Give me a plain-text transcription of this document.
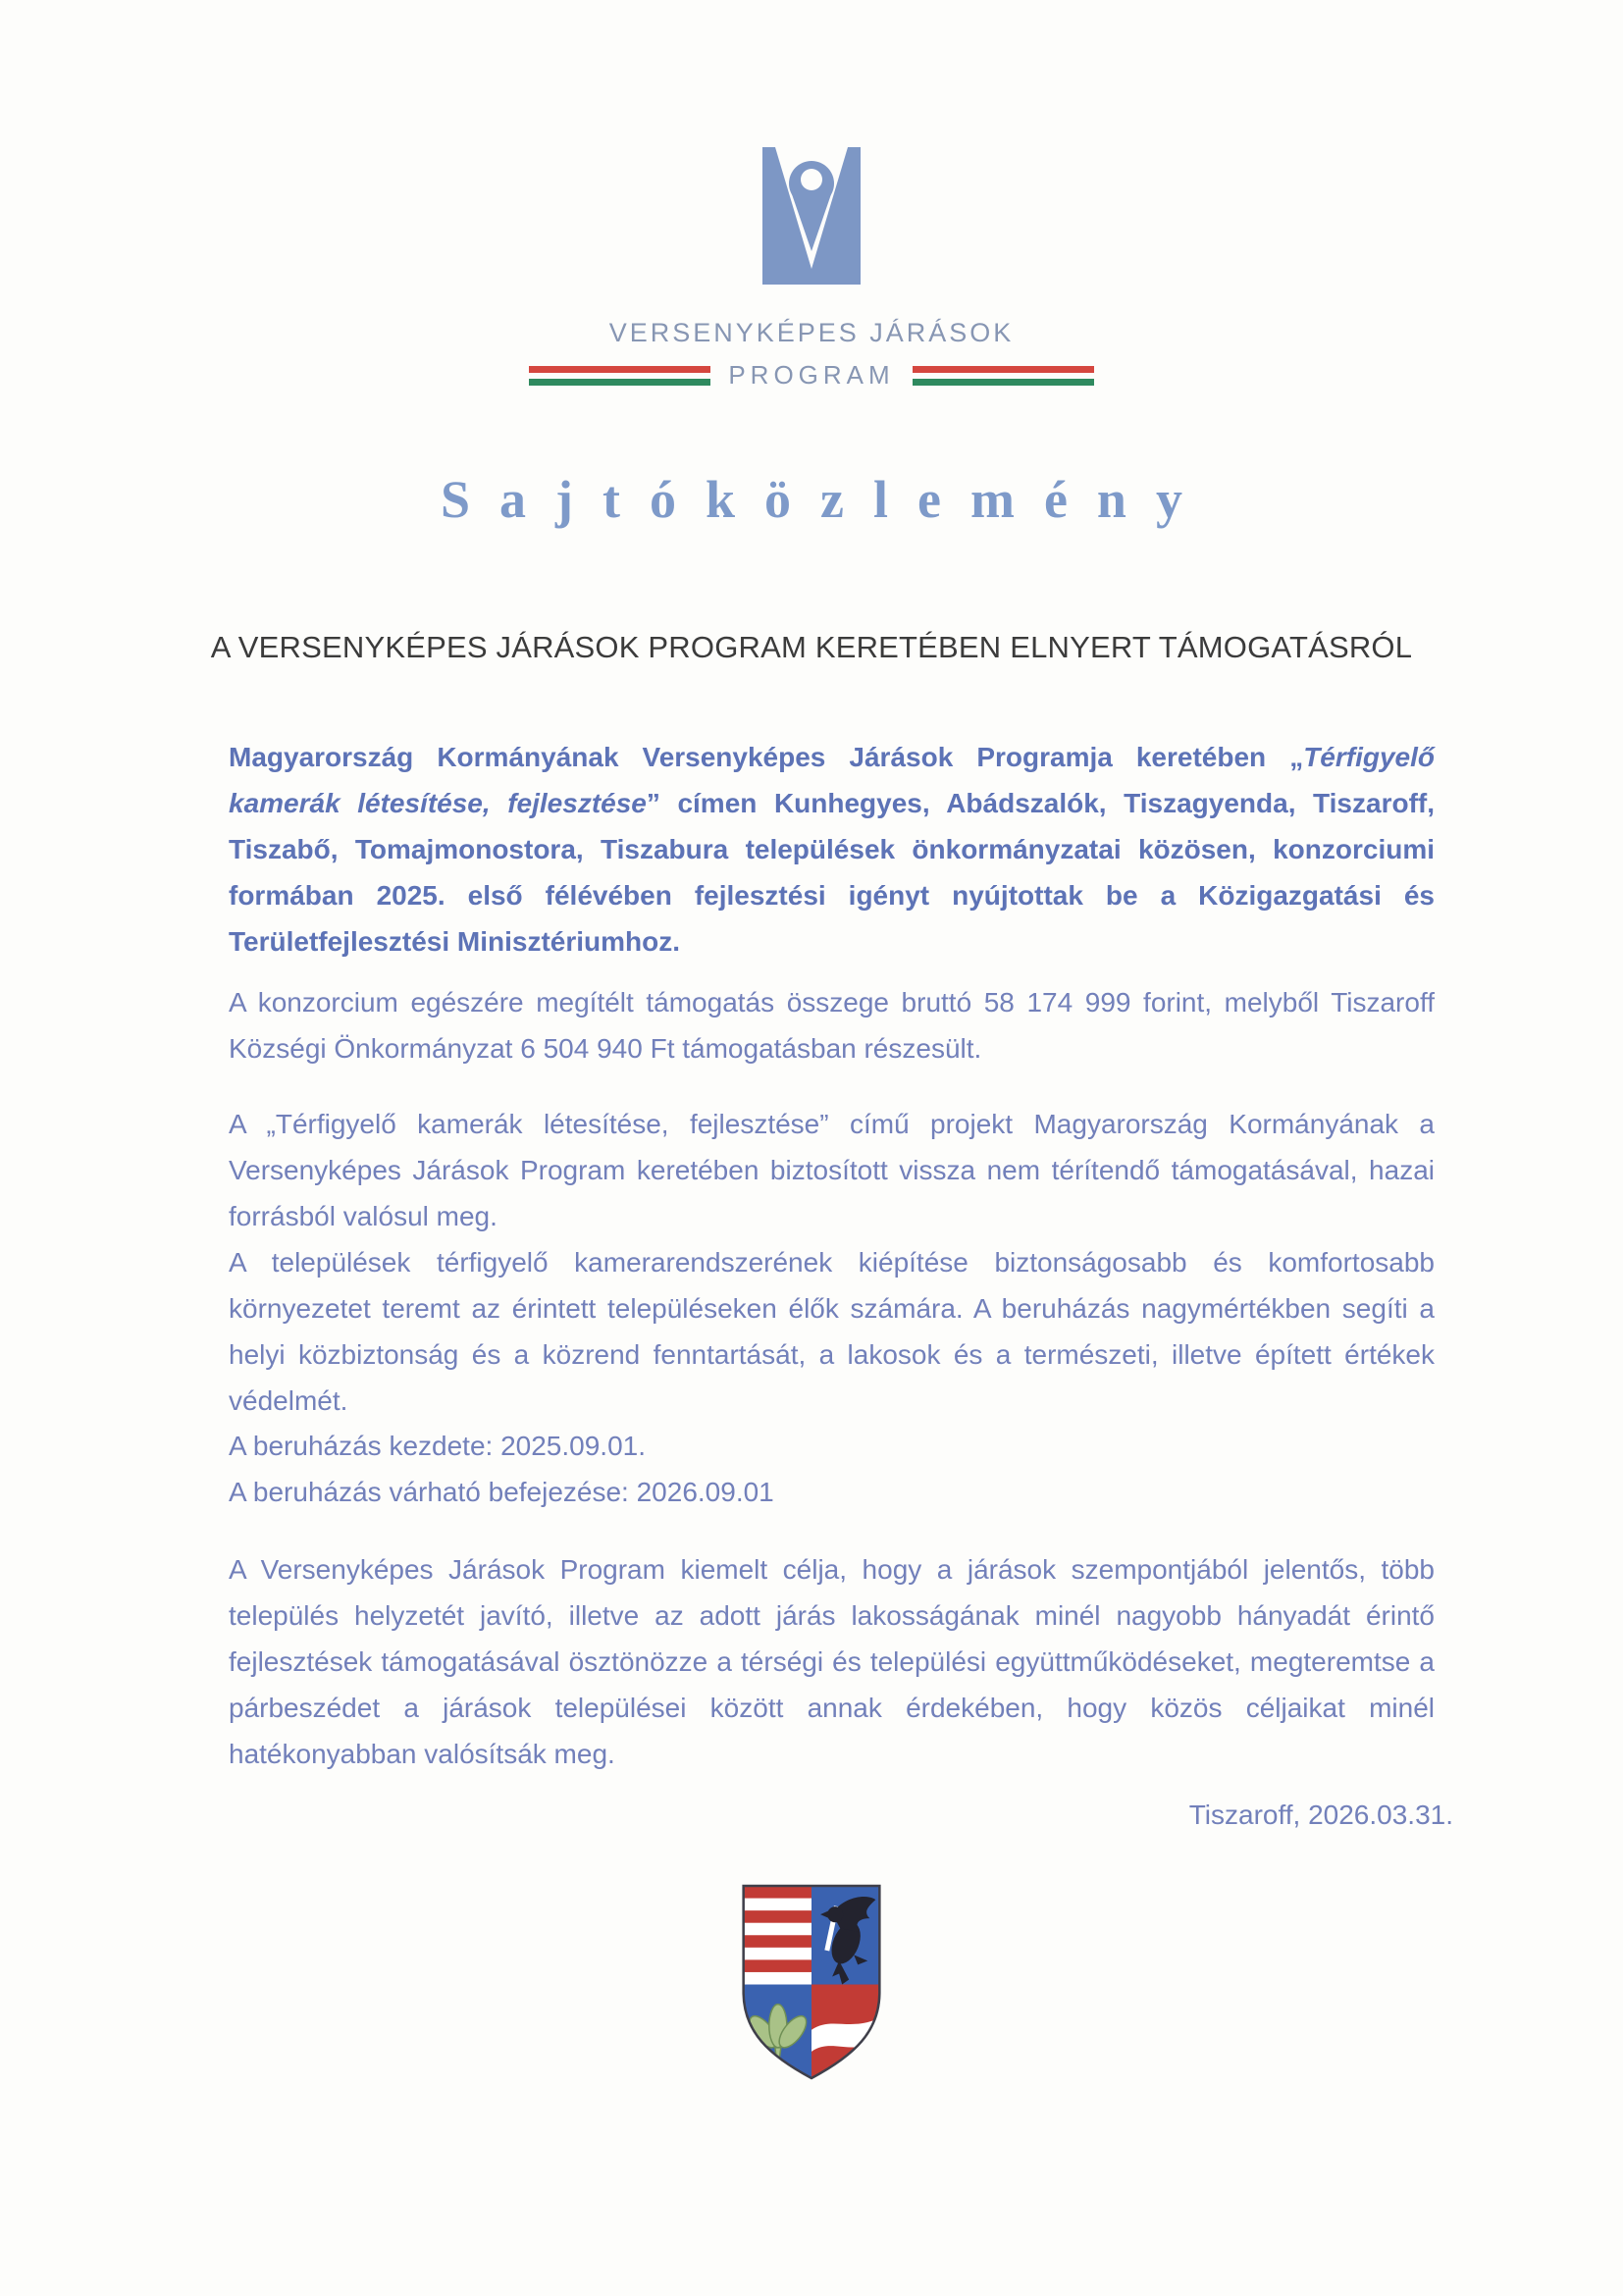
VERSENYKÉPES JÁRÁSOK
PROGRAM
Sajtóközlemény
A VERSENYKÉPES JÁRÁSOK PROGRAM KERETÉBEN ELNYERT TÁMOGATÁSRÓL
Magyarország Kormányának Versenyképes Járások Programja keretében „Térfigyelő kamerák létesítése, fejlesztése” címen Kunhegyes, Abádszalók, Tiszagyenda, Tiszaroff, Tiszabő, Tomajmonostora, Tiszabura települések önkormányzatai közösen, konzorciumi formában 2025. első félévében fejlesztési igényt nyújtottak be a Közigazgatási és Területfejlesztési Minisztériumhoz.
A konzorcium egészére megítélt támogatás összege bruttó 58 174 999 forint, melyből Tiszaroff Községi Önkormányzat 6 504 940 Ft támogatásban részesült.

A „Térfigyelő kamerák létesítése, fejlesztése” című projekt Magyarország Kormányának a Versenyképes Járások Program keretében biztosított vissza nem térítendő támogatásával, hazai forrásból valósul meg.

A települések térfigyelő kamerarendszerének kiépítése biztonságosabb és komfortosabb környezetet teremt az érintett településeken élők számára. A beruházás nagymértékben segíti a helyi közbiztonság és a közrend fenntartását, a lakosok és a természeti, illetve épített értékek védelmét.

A beruházás kezdete: 2025.09.01.
A beruházás várható befejezése: 2026.09.01
A Versenyképes Járások Program kiemelt célja, hogy a járások szempontjából jelentős, több település helyzetét javító, illetve az adott járás lakosságának minél nagyobb hányadát érintő fejlesztések támogatásával ösztönözze a térségi és települési együttműködéseket, megteremtse a párbeszédet a járások települései között annak érdekében, hogy közös céljaikat minél hatékonyabban valósítsák meg.
Tiszaroff, 2026.03.31.
